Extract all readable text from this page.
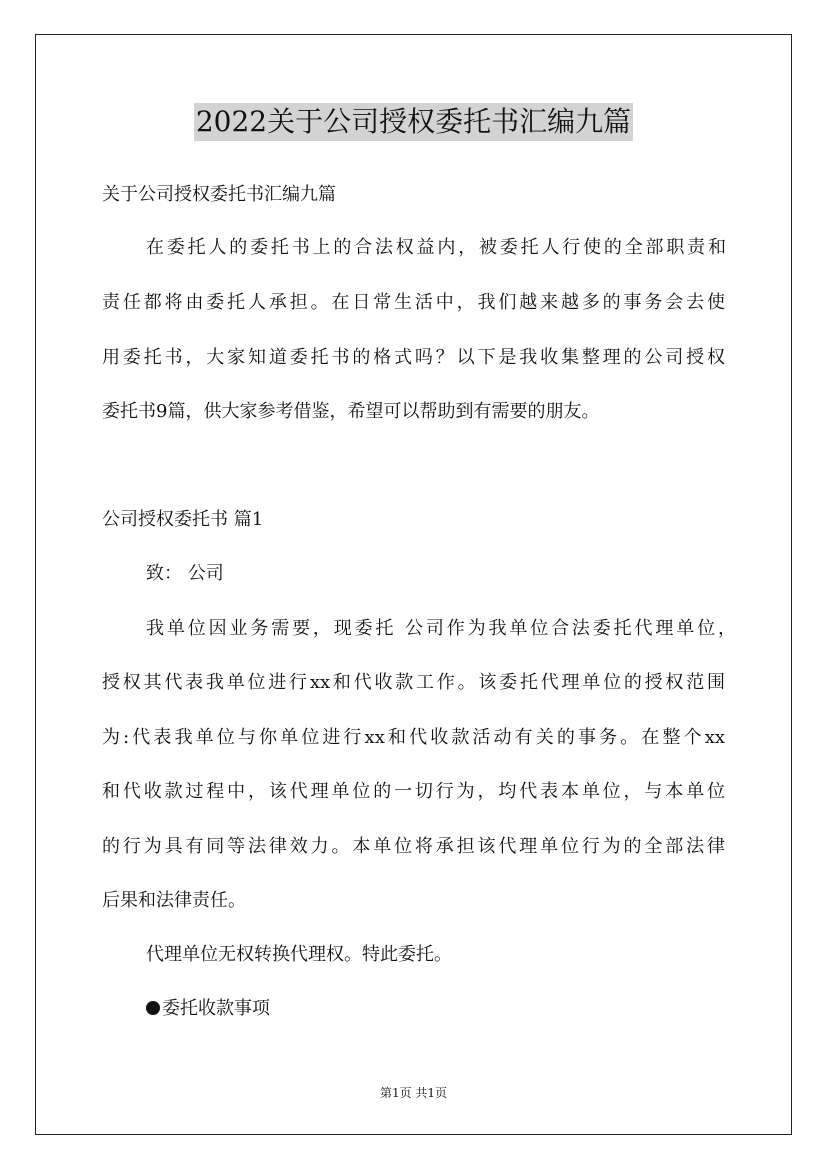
2022关于公司授权委托书汇编九篇
关于公司授权委托书汇编九篇
在委托人的委托书上的合法权益内，被委托人行使的全部职责和
责任都将由委托人承担。在日常生活中，我们越来越多的事务会去使
用委托书，大家知道委托书的格式吗？以下是我收集整理的公司授权
委托书9篇，供大家参考借鉴，希望可以帮助到有需要的朋友。
公司授权委托书 篇1
致： 公司
我单位因业务需要，现委托 公司作为我单位合法委托代理单位，
授权其代表我单位进行xx和代收款工作。该委托代理单位的授权范围
为:代表我单位与你单位进行xx和代收款活动有关的事务。在整个xx
和代收款过程中，该代理单位的一切行为，均代表本单位，与本单位
的行为具有同等法律效力。本单位将承担该代理单位行为的全部法律
后果和法律责任。
代理单位无权转换代理权。特此委托。
委托收款事项
第1页 共1页
